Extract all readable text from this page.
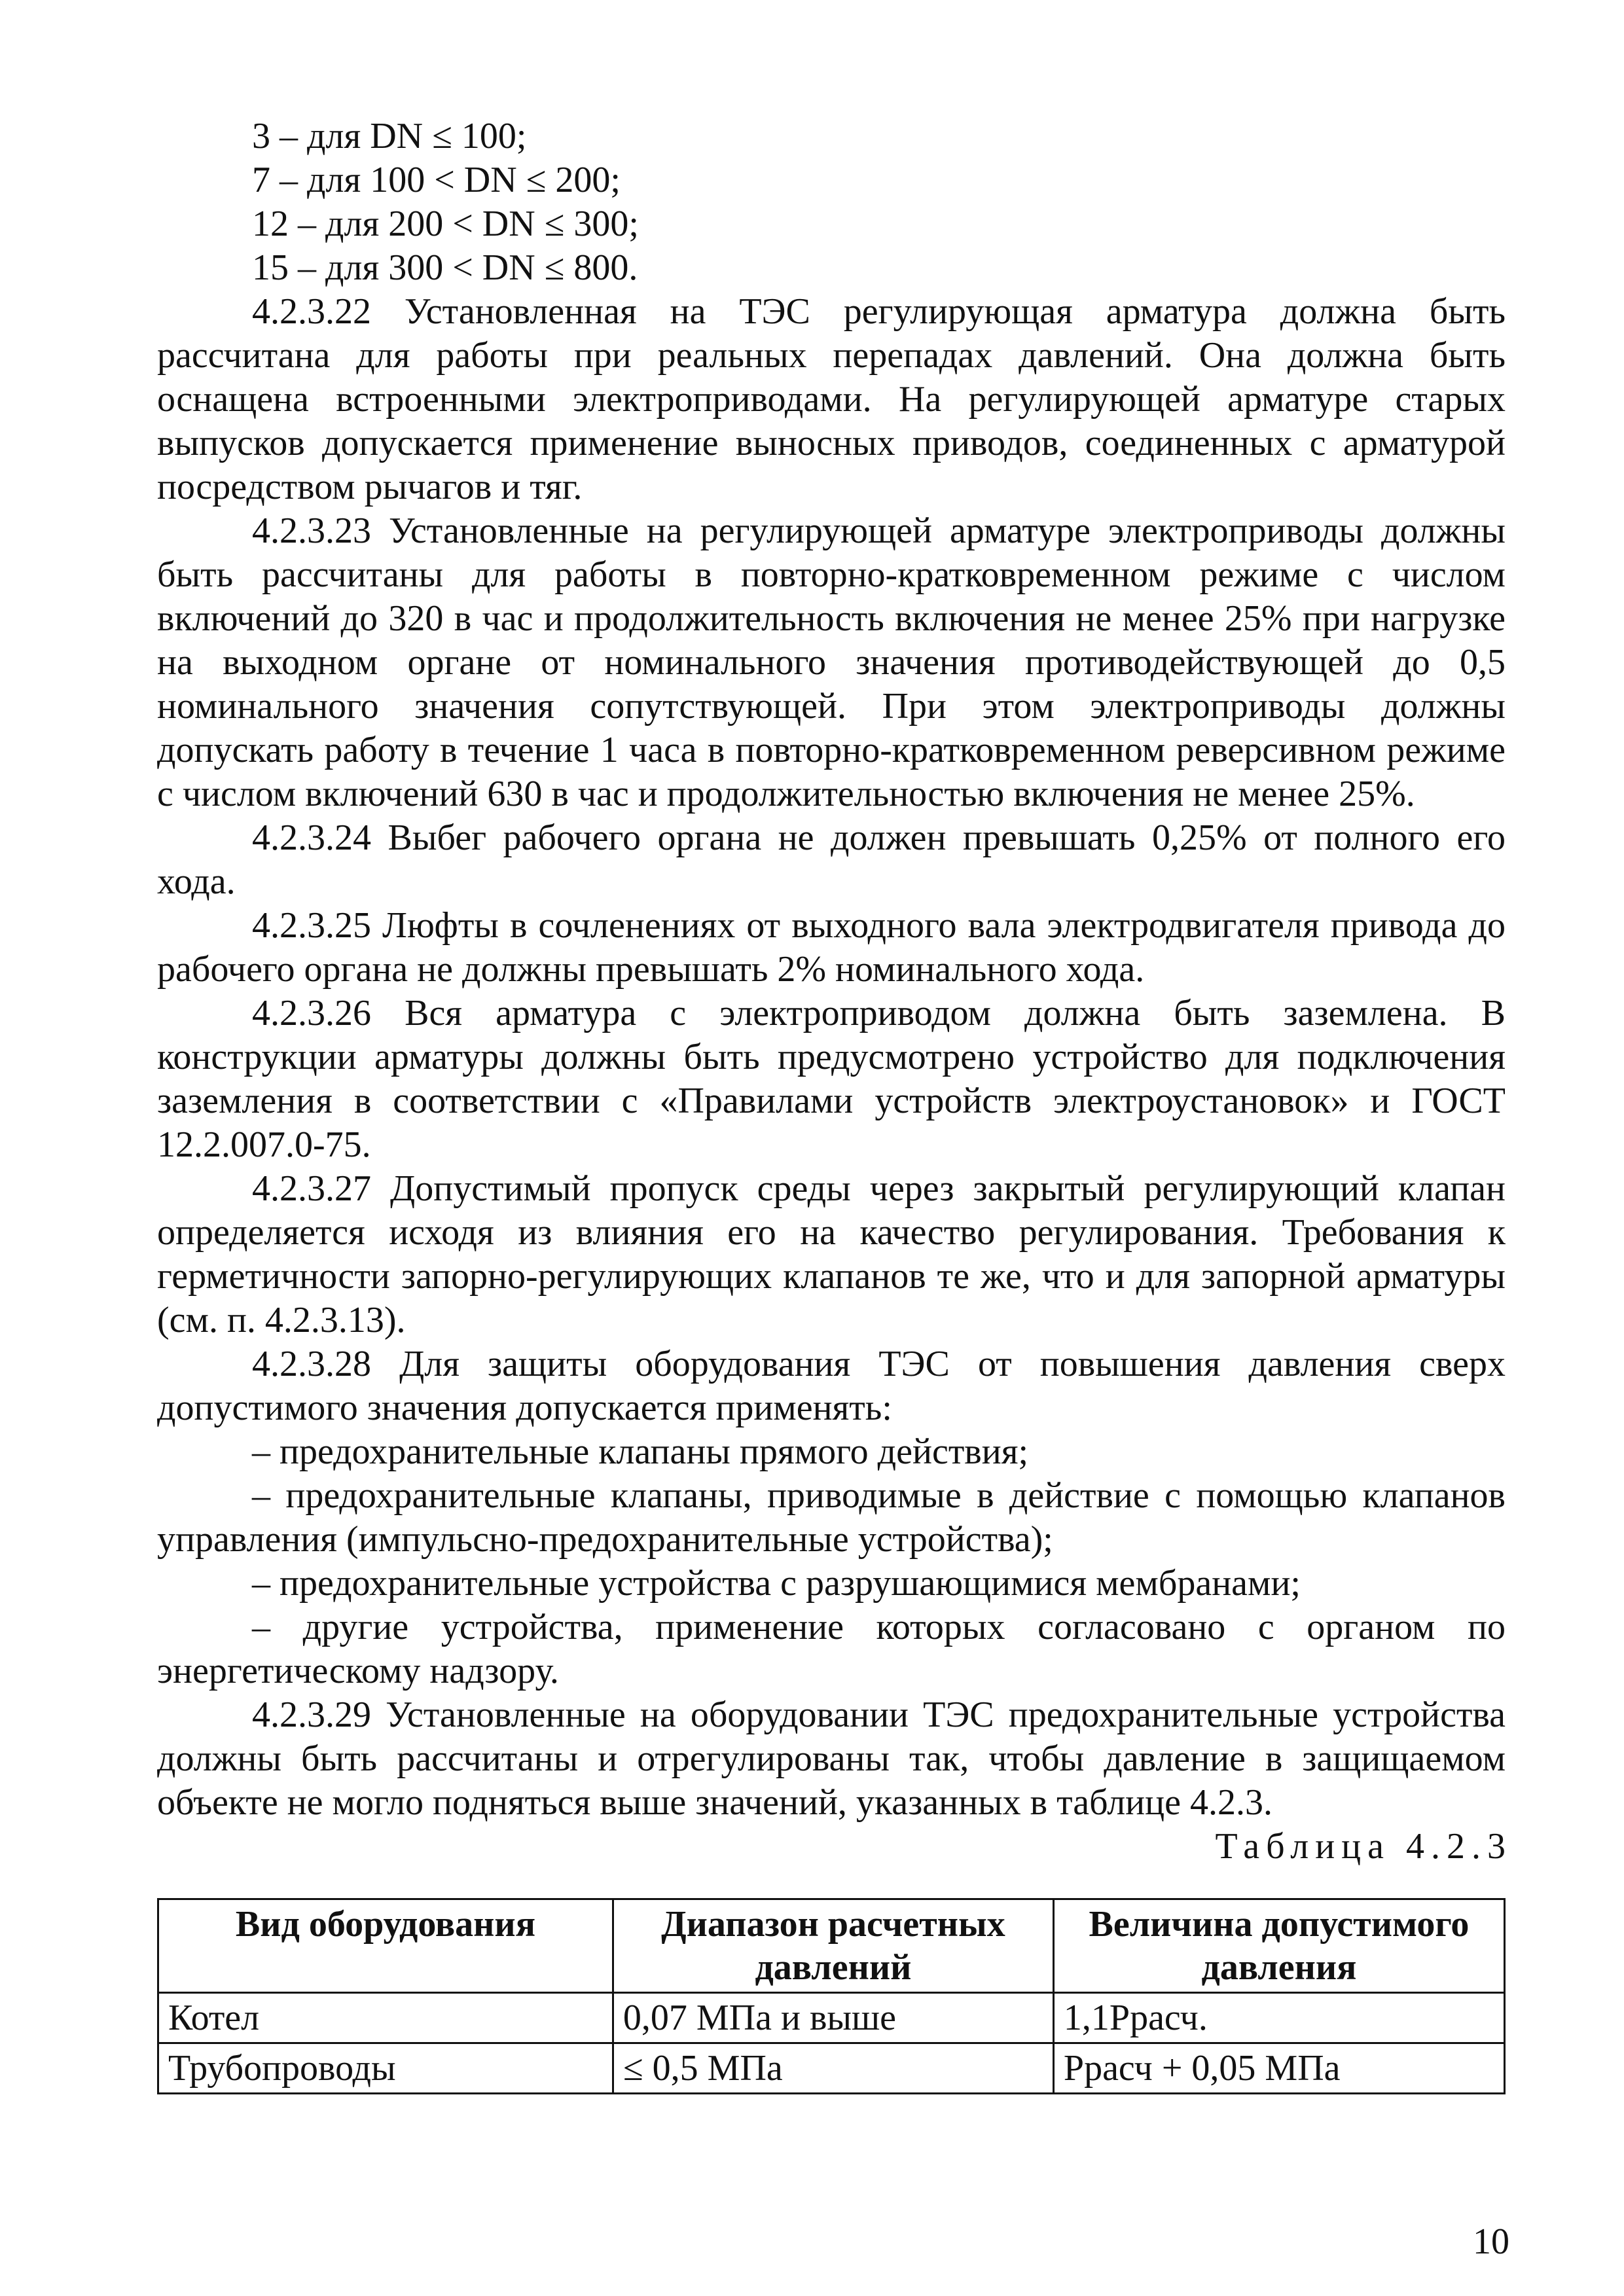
3 – для DN ≤ 100;

7 – для 100 < DN ≤ 200;

12 – для 200 < DN ≤ 300;

15 – для 300 < DN ≤ 800.

4.2.3.22 Установленная на ТЭС регулирующая арматура должна быть рассчитана для работы при реальных перепадах давлений. Она должна быть оснащена встроенными электроприводами. На регулирующей арматуре старых выпусков допускается применение выносных приводов, соединенных с арматурой посредством рычагов и тяг.

4.2.3.23 Установленные на регулирующей арматуре электроприводы должны быть рассчитаны для работы в повторно-кратковременном режиме с числом включений до 320 в час и продолжительность включения не менее 25% при нагрузке на выходном органе от номинального значения противодействующей до 0,5 номинального значения сопутствующей. При этом электроприводы должны допускать работу в течение 1 часа в повторно-кратковременном реверсивном режиме с числом включений 630 в час и продолжительностью включения не менее 25%.

4.2.3.24 Выбег рабочего органа не должен превышать 0,25% от полного его хода.

4.2.3.25 Люфты в сочленениях от выходного вала электродвигателя привода до рабочего органа не должны превышать 2% номинального хода.

4.2.3.26 Вся арматура с электроприводом должна быть заземлена. В конструкции арматуры должны быть предусмотрено устройство для подключения заземления в соответствии с «Правилами устройств электроустановок» и ГОСТ 12.2.007.0-75.

4.2.3.27 Допустимый пропуск среды через закрытый регулирующий клапан определяется исходя из влияния его на качество регулирования. Требования к герметичности запорно-регулирующих клапанов те же, что и для запорной арматуры (см. п. 4.2.3.13).

4.2.3.28 Для защиты оборудования ТЭС от повышения давления сверх допустимого значения допускается применять:

– предохранительные клапаны прямого действия;

– предохранительные клапаны, приводимые в действие с помощью клапанов управления (импульсно-предохранительные устройства);

– предохранительные устройства с разрушающимися мембранами;

– другие устройства, применение которых согласовано с органом по энергетическому надзору.

4.2.3.29 Установленные на оборудовании ТЭС предохранительные устройства должны быть рассчитаны и отрегулированы так, чтобы давление в защищаемом объекте не могло подняться выше значений, указанных в таблице 4.2.3.

Таблица 4.2.3
Вид оборудования	Диапазон расчетных давлений	Величина допустимого давления
Котел	0,07 МПа и выше	1,1Ррасч.
Трубопроводы	≤ 0,5 МПа	Ррасч + 0,05 МПа
10
